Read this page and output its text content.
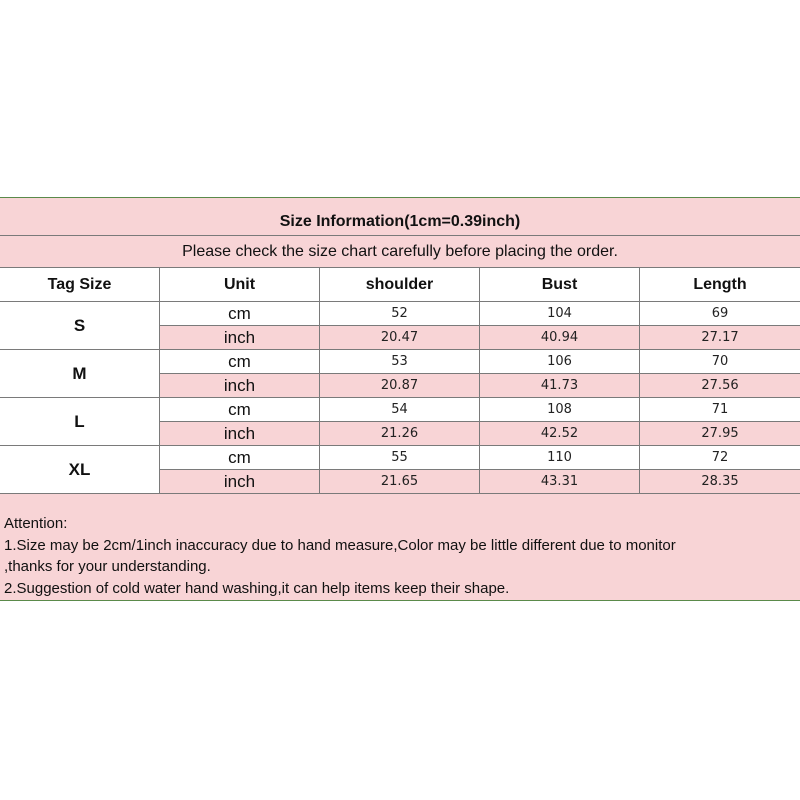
Size Information(1cm=0.39inch)
Please check the size chart carefully before placing the order.
Tag Size	Unit	shoulder	Bust	Length
S
cm	52	104	69
inch	20.47	40.94	27.17
M
cm	53	106	70
inch	20.87	41.73	27.56
L
cm	54	108	71
inch	21.26	42.52	27.95
XL
cm	55	110	72
inch	21.65	43.31	28.35
Attention:
1.Size may be 2cm/1inch inaccuracy due to hand measure,Color may be little different due to monitor
,thanks for your understanding.
2.Suggestion of cold water hand washing,it can help items keep their shape.
